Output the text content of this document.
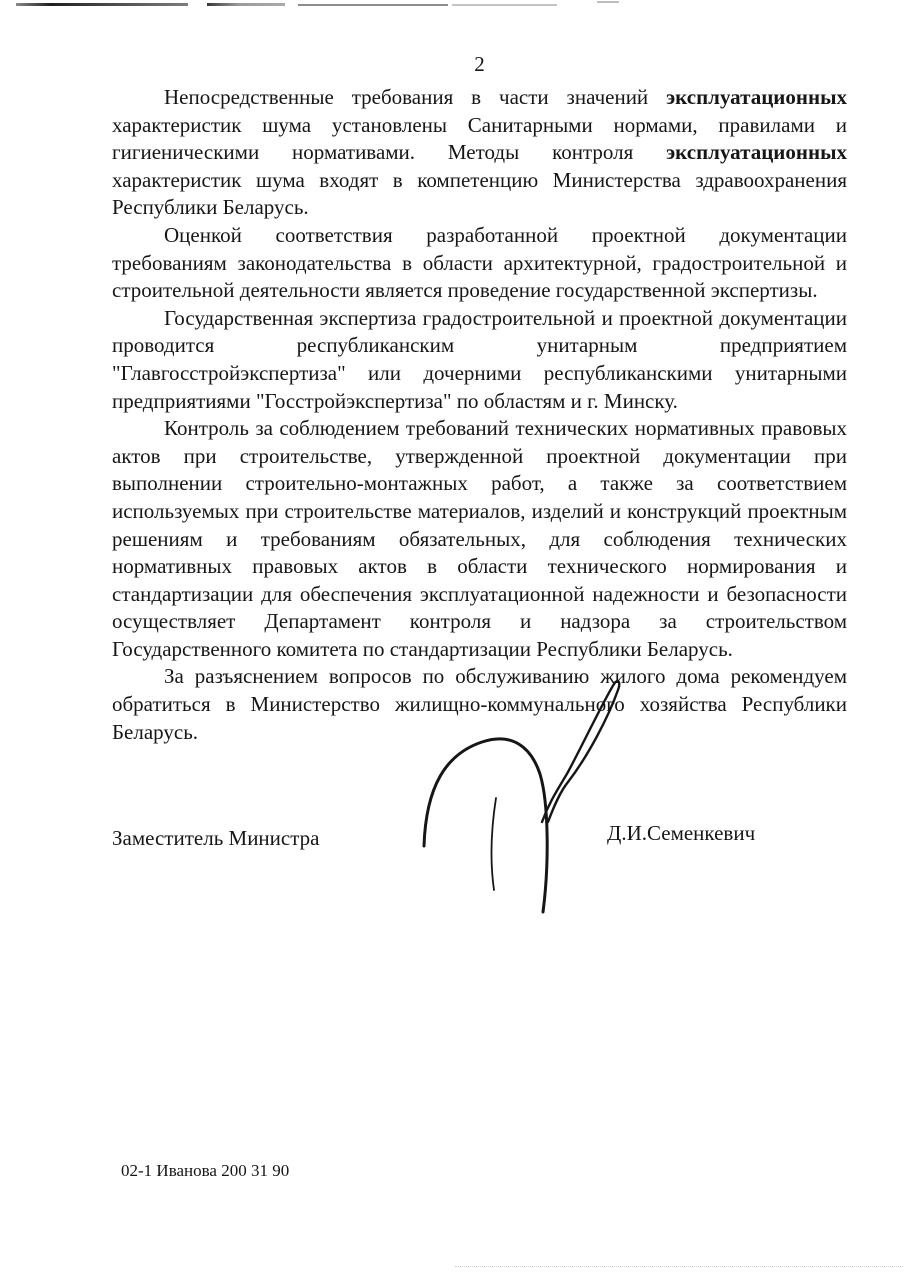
2

Непосредственные требования в части значений эксплуатационных характеристик шума установлены Санитарными нормами, правилами и гигиеническими нормативами. Методы контроля эксплуатационных характеристик шума входят в компетенцию Министерства здравоохранения Республики Беларусь.

Оценкой соответствия разработанной проектной документации требованиям законодательства в области архитектурной, градостроительной и строительной деятельности является проведение государственной экспертизы.

Государственная экспертиза градостроительной и проектной документации проводится республиканским унитарным предприятием "Главгосстройэкспертиза" или дочерними республиканскими унитарными предприятиями "Госстройэкспертиза" по областям и г. Минску.

Контроль за соблюдением требований технических нормативных правовых актов при строительстве, утвержденной проектной документации при выполнении строительно-монтажных работ, а также за соответствием используемых при строительстве материалов, изделий и конструкций проектным решениям и требованиям обязательных, для соблюдения технических нормативных правовых актов в области технического нормирования и стандартизации для обеспечения эксплуатационной надежности и безопасности осуществляет Департамент контроля и надзора за строительством Государственного комитета по стандартизации Республики Беларусь.

За разъяснением вопросов по обслуживанию жилого дома рекомендуем обратиться в Министерство жилищно-коммунального хозяйства Республики Беларусь.

Заместитель Министра	Д.И.Семенкевич
02-1 Иванова 200 31 90
